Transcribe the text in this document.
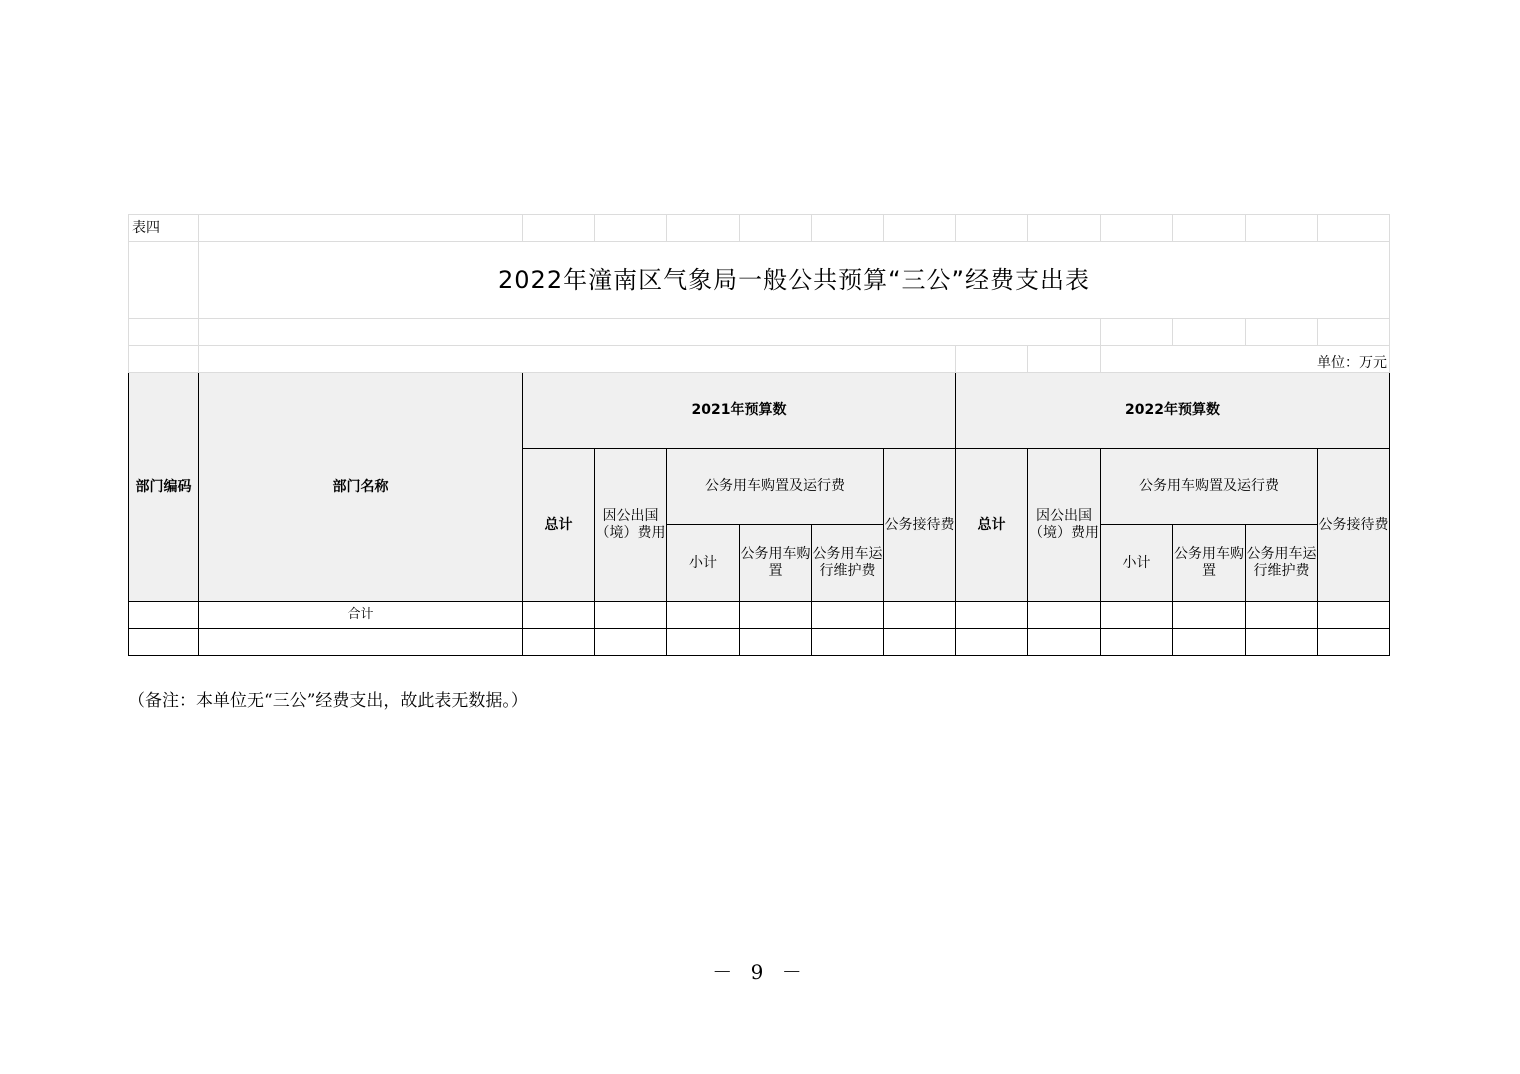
表四													
	2022年潼南区气象局一般公共预算“三公”经费支出表												

										单位：万元			
部门编码	部门名称	2021年预算数						2022年预算数					
		总计	因公出国（境）费用	公务用车购置及运行费			公务接待费	总计	因公出国（境）费用	公务用车购置及运行费			公务接待费
				小计	公务用车购置	公务用车运行维护费				小计	公务用车购置	公务用车运行维护费	
	合计												

（备注：本单位无“三公”经费支出，故此表无数据。）
－ 9 －
